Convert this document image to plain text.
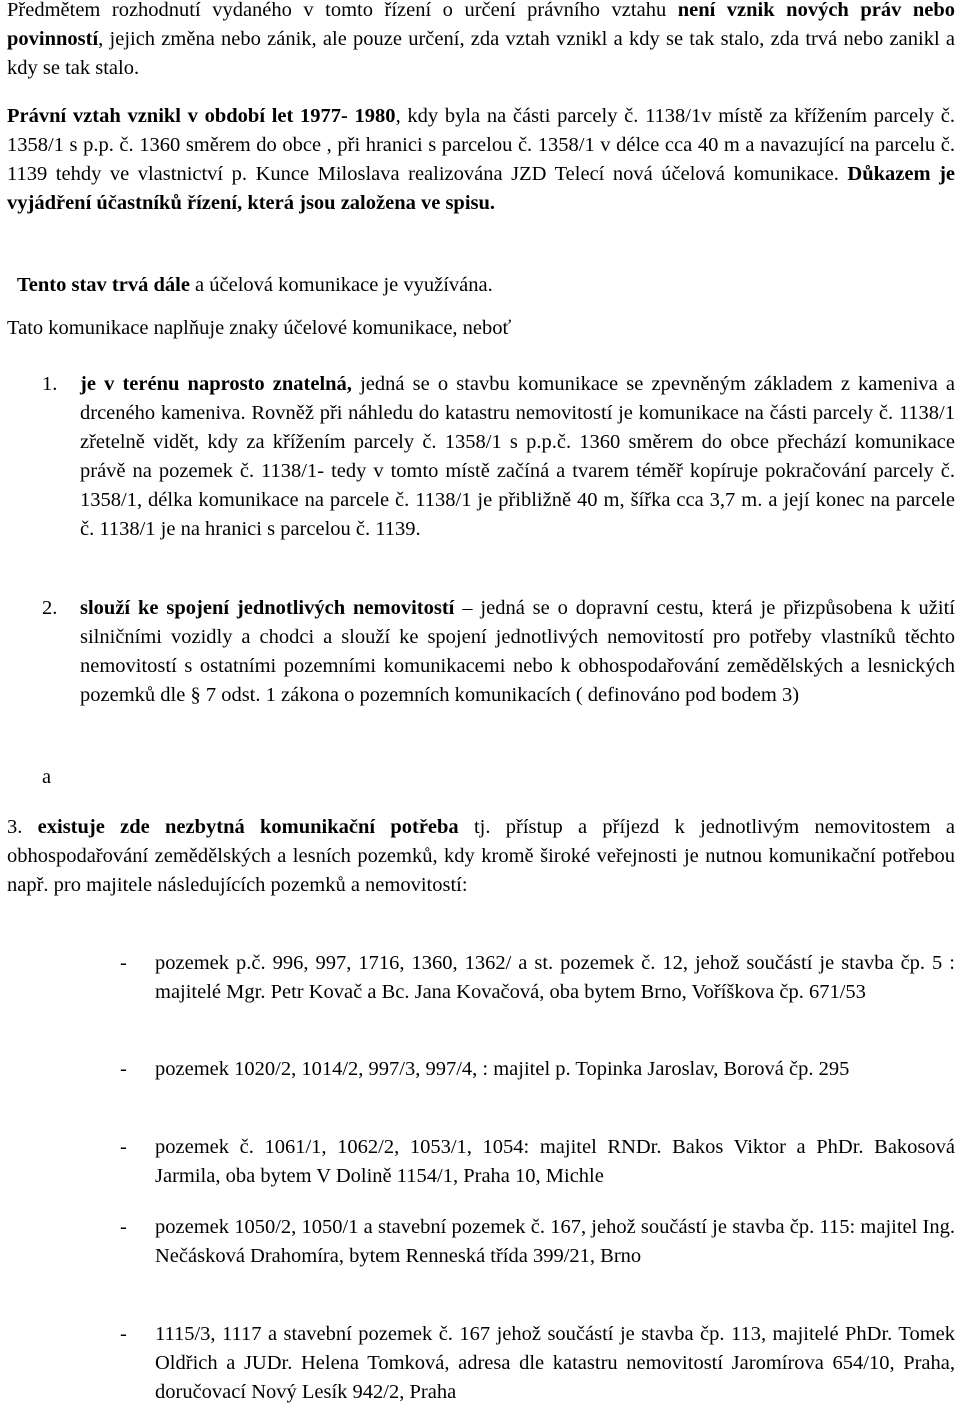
Předmětem rozhodnutí vydaného v tomto řízení o určení právního vztahu není vznik nových práv nebo povinností, jejich změna nebo zánik, ale pouze určení, zda vztah vznikl a kdy se tak stalo, zda trvá nebo zanikl a kdy se tak stalo.
Právní vztah vznikl v období let 1977- 1980, kdy byla na části parcely č. 1138/1v místě za křížením parcely č. 1358/1 s p.p. č. 1360 směrem do obce , při hranici s parcelou č. 1358/1 v délce cca 40 m a navazující na parcelu č. 1139 tehdy ve vlastnictví p. Kunce Miloslava realizována JZD Telecí nová účelová komunikace. Důkazem je vyjádření účastníků řízení, která jsou založena ve spisu.
Tento stav trvá dále a účelová komunikace je využívána.
Tato komunikace naplňuje znaky účelové komunikace, neboť
1. je v terénu naprosto znatelná, jedná se o stavbu komunikace se zpevněným základem z kameniva a drceného kameniva. Rovněž při náhledu do katastru nemovitostí je komunikace na části parcely č. 1138/1 zřetelně vidět, kdy za křížením parcely č. 1358/1 s p.p.č. 1360 směrem do obce přechází komunikace právě na pozemek č. 1138/1- tedy v tomto místě začíná a tvarem téměř kopíruje pokračování parcely č. 1358/1, délka komunikace na parcele č. 1138/1 je přibližně 40 m, šířka cca 3,7 m. a její konec na parcele č. 1138/1 je na hranici s parcelou č. 1139.
2. slouží ke spojení jednotlivých nemovitostí – jedná se o dopravní cestu, která je přizpůsobena k užití silničními vozidly a chodci a slouží ke spojení jednotlivých nemovitostí pro potřeby vlastníků těchto nemovitostí s ostatními pozemními komunikacemi nebo k obhospodařování zemědělských a lesnických pozemků dle § 7 odst. 1 zákona o pozemních komunikacích ( definováno pod bodem 3)
a
3. existuje zde nezbytná komunikační potřeba tj. přístup a příjezd k jednotlivým nemovitostem a obhospodařování zemědělských a lesních pozemků, kdy kromě široké veřejnosti je nutnou komunikační potřebou např. pro majitele následujících pozemků a nemovitostí:
- pozemek p.č. 996, 997, 1716, 1360, 1362/ a st. pozemek č. 12, jehož součástí je stavba čp. 5 : majitelé Mgr. Petr Kovač a Bc. Jana Kovačová, oba bytem Brno, Voříškova čp. 671/53
- pozemek 1020/2, 1014/2, 997/3, 997/4, : majitel p. Topinka Jaroslav, Borová čp. 295
- pozemek č. 1061/1, 1062/2, 1053/1, 1054: majitel RNDr. Bakos Viktor a PhDr. Bakosová Jarmila, oba bytem V Dolině 1154/1, Praha 10, Michle
- pozemek 1050/2, 1050/1 a stavební pozemek č. 167, jehož součástí je stavba čp. 115: majitel Ing. Nečásková Drahomíra, bytem Renneská třída 399/21, Brno
- 1115/3, 1117 a stavební pozemek č. 167 jehož součástí je stavba čp. 113, majitelé PhDr. Tomek Oldřich a JUDr. Helena Tomková, adresa dle katastru nemovitostí Jaromírova 654/10, Praha, doručovací Nový Lesík 942/2, Praha
